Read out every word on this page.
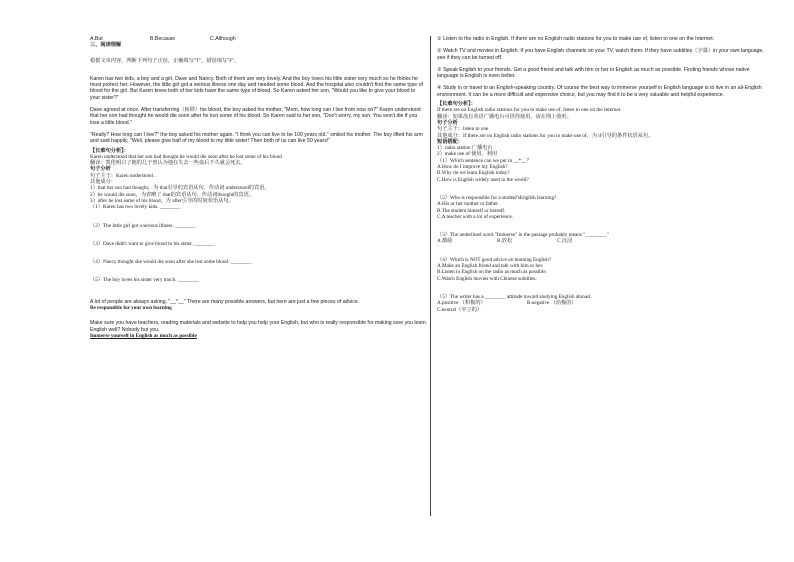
A.But	B.Because	C.Although

三、阅读理解

根据文章内容，判断下列句子正误，正确填写"T"，错误填写"F"。

Karen has two kids, a boy and a girl, Dave and Nancy. Both of them are very lovely. And the boy loves his little sister very much so he thinks he must protect her. However, the little girl got a serious illness one day and needed some blood. And the hospital also couldn't find the same type of blood for the girl. But Karen knew both of her kids have the same type of blood. So Karen asked her son, "Would you like to give your blood to your sister?"

Dave agreed at once. After transferring（转移）his blood, the boy asked his mother, "Mom, how long can I live from now on?" Karen understood that her son had thought he would die soon after he lost some of his blood. So Karen said to her son, "Don't worry, my son. You won't die if you lose a little blood."

"Really? How long can I live?" the boy asked his mother again. "I think you can live to be 100 years old." smiled his mother. The boy lifted his arm and said happily, "Well, please give half of my blood to my little sister! Then both of us can live 50 years!"

【长难句分析】：

Karen understood that her son had thought he would die soon after he lost some of his blood

翻译：凯伦明白了她的儿子曾认为他在失去一些血后不久就会死去。

句子分析

句子主干：Karen understood .

其他成分：

1）that her son had thought，为 that引导的宾语从句，作动词 understood的宾语。

2）he would die soon，为省略了 that的宾语从句，作动词thought的宾语。

3）after he lost some of his blood，为 after引导的时间状语从句。

（1）Karen has two lovely kids. ________

（2）The little girl got a serious illness. ________

（3）Dave didn't want to give blood to his sister. ________

（4）Nancy thought she would die soon after she lost some blood. ________

（5）The boy loves his sister very much. ________

A lot of people are always asking, "__*__" There are many possible answers, but here are just a few pieces of advice.

Be responsible for your own learning

Make sure you have teachers, reading materials and website to help you help your English, but who is really responsible for making sure you learn English well? Nobody but you.

Immerse yourself in English as much as possible

① Listen to the radio in English. If there are no English radio stations for you to make use of, listen to one on the Internet.

② Watch TV and movies in English. If you have English channels on your TV, watch them. If they have subtitles（字幕）in your own language, see if they can be turned off.

③ Speak English to your friends. Get a good friend and talk with him or her in English as much as possible. Finding friends whose native language is English is even better.

④ Study in or travel to an English-speaking country. Of course the best way to immerse yourself in English language is to live in an all-English environment. It can be a more difficult and expensive choice, but you may find it to be a very valuable and helpful experience.

【长难句分析】：

If there are no English radio stations for you to make use of, listen to one on the Internet.

翻译：如果没有英语广播电台可供你使用，请在网上收听。

句子分析

句子主干：listen to one

其他成分：If there are no English radio stations for you to make use of，为 if引导的条件状语从句。

短语搭配：

1）radio station 广播电台

2）make use of 使用，利用

（1）Which sentence can we put in __*__？

A.How do I improve my English?

B.Why do we learn English today?

C.How is English widely used in the world?

（2）Who is responsible for a student'sEnglish learning?

A.His or her mother or father.

B.The student himself or herself.

C.A teacher with a lot of experience.

（3）The underlined word "Immerse" in the passage probably means "________."

A.激励	B.放松	C.沉浸

（4）Which is NOT good advice on learning English?

A.Make an English friend and talk with him or her.

B.Listen to English on the radio as much as possible.

C.Watch English movies with Chinese subtitles.

（5）The writer has a ________ attitude toward studying English abroad.

A.positive （积极的）	B.negative （消极的）

C.neutral（中立的）
